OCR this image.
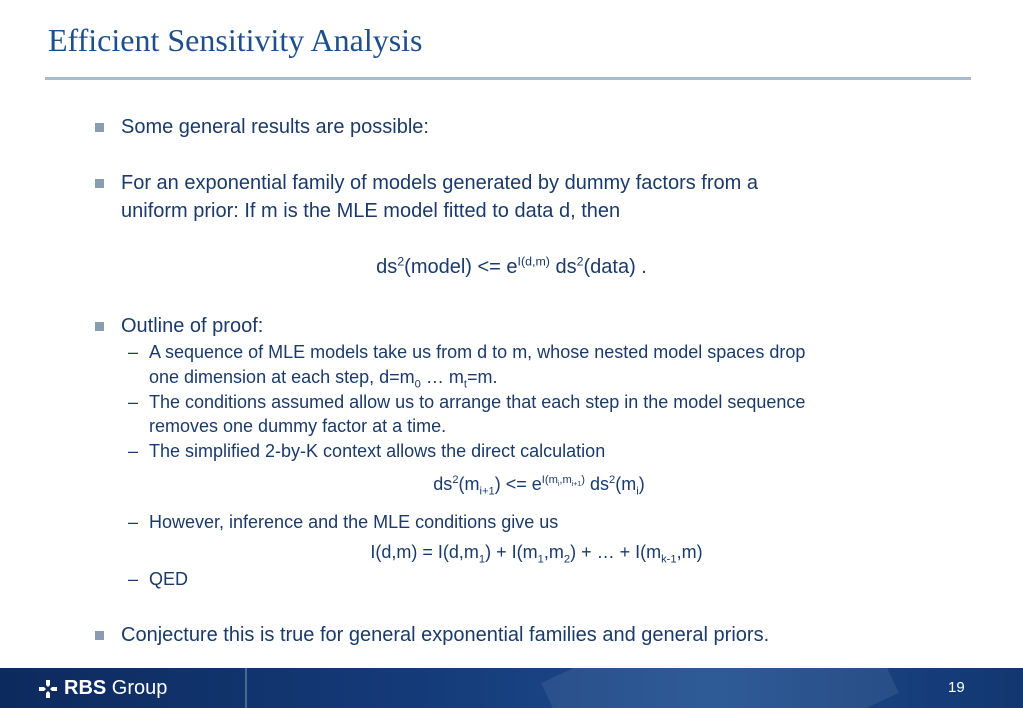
Efficient Sensitivity Analysis
Some general results are possible:
For an exponential family of models generated by dummy factors from a
uniform prior: If m is the MLE model fitted to data d, then
$ds^2(model) <= e^{I(d,m)}$ $ds^2(data)$ .
Outline of proof:
– A sequence of MLE models take us from d to m, whose nested model spaces drop
one dimension at each step, $d=m_0$ … $m_t=m$.
– The conditions assumed allow us to arrange that each step in the model sequence
removes one dummy factor at a time.
– The simplified 2-by-K context allows the direct calculation
$ds^2(m_{i+1}) <= e^{I(m_i,m_{i+1})}$ $ds^2(m_i)$
– However, inference and the MLE conditions give us
$I(d,m) = I(d,m_1) + I(m_1,m_2)$ + … + $I(m_{k-1},m)$
– QED
Conjecture this is true for general exponential families and general priors.
RBS Group	19
